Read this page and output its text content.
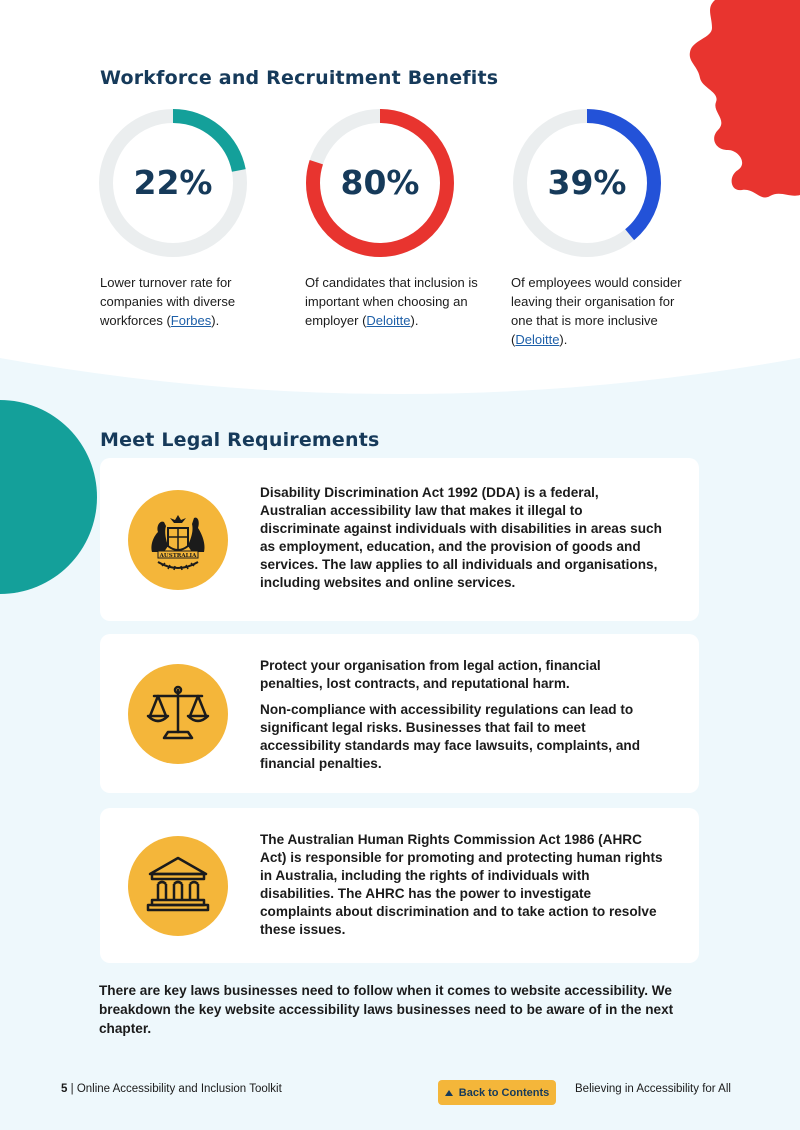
Workforce and Recruitment Benefits
22%
Lower turnover rate for companies with diverse workforces (Forbes).
80%
Of candidates that inclusion is important when choosing an employer (Deloitte).
39%
Of employees would consider leaving their organisation for one that is more inclusive (Deloitte).
Meet Legal Requirements
AUSTRALIA

Disability Discrimination Act 1992 (DDA) is a federal, Australian accessibility law that makes it illegal to discriminate against individuals with disabilities in areas such as employment, education, and the provision of goods and services. The law applies to all individuals and organisations, including websites and online services.

Protect your organisation from legal action, financial penalties, lost contracts, and reputational harm.

Non-compliance with accessibility regulations can lead to significant legal risks. Businesses that fail to meet accessibility standards may face lawsuits, complaints, and financial penalties.

The Australian Human Rights Commission Act 1986 (AHRC Act) is responsible for promoting and protecting human rights in Australia, including the rights of individuals with disabilities. The AHRC has the power to investigate complaints about discrimination and to take action to resolve these issues.

There are key laws businesses need to follow when it comes to website accessibility. We breakdown the key website accessibility laws businesses need to be aware of in the next chapter.
5 | Online Accessibility and Inclusion Toolkit	Back to Contents Believing in Accessibility for All
